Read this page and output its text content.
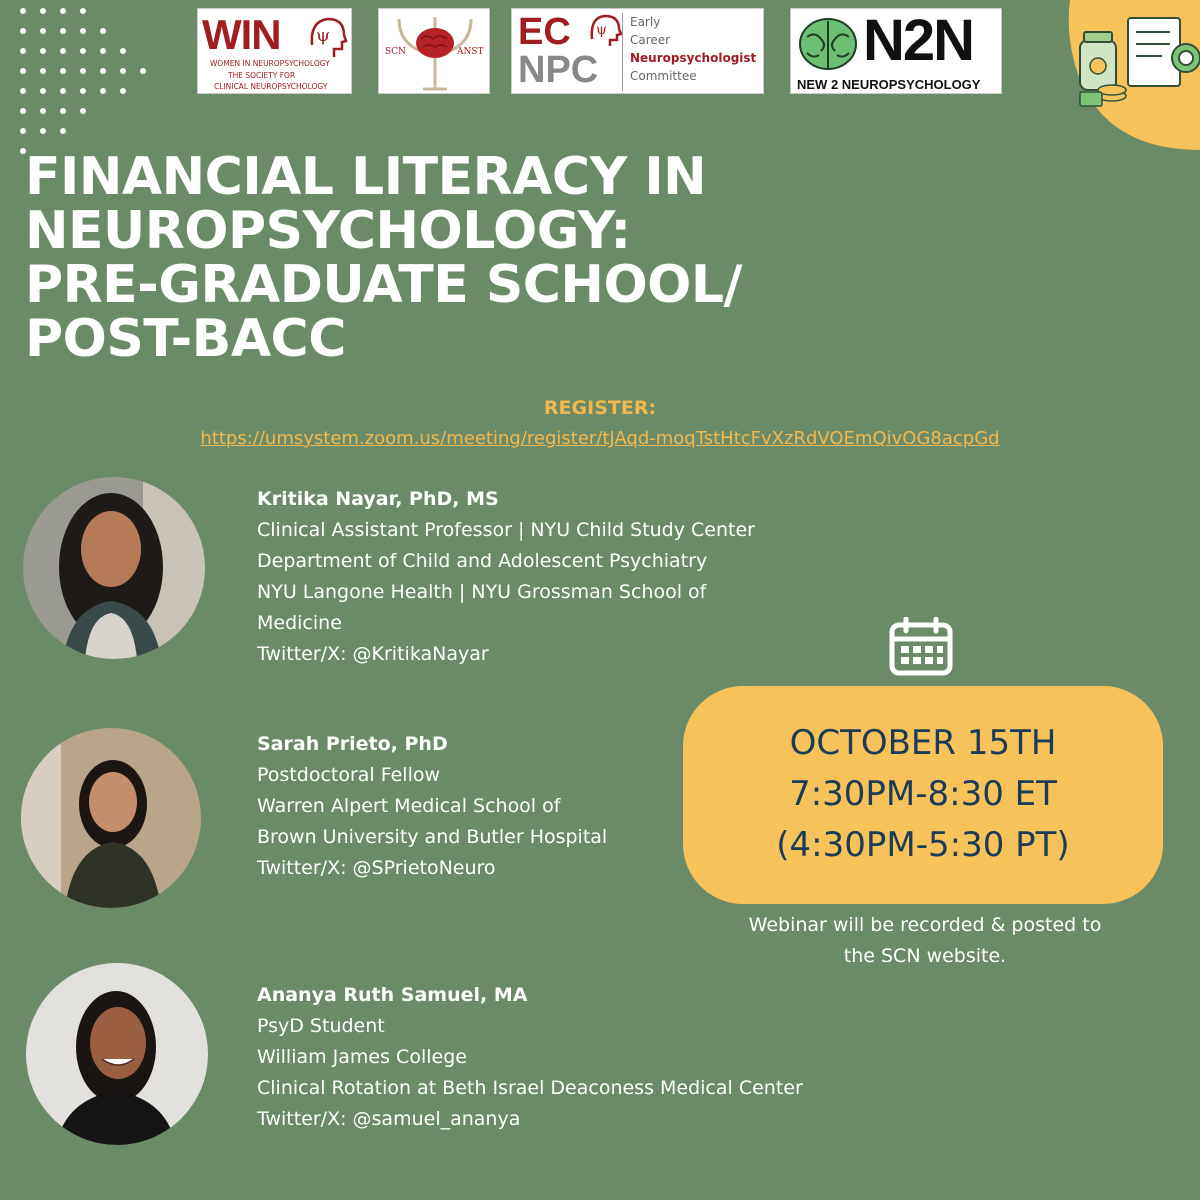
WIN ψ
WOMEN IN NEUROPSYCHOLOGY
THE SOCIETY FOR
CLINICAL NEUROPSYCHOLOGY
SCN	ANST EC ψ
NPC
Early
Career
Neuropsychologist
Committee
N2N
NEW 2 NEUROPSYCHOLOGY
FINANCIAL LITERACY IN
NEUROPSYCHOLOGY:
PRE-GRADUATE SCHOOL/
POST-BACC
REGISTER:
https://umsystem.zoom.us/meeting/register/tJAqd-moqTstHtcFvXzRdVOEmQivOG8acpGd
Kritika Nayar, PhD, MS
Clinical Assistant Professor | NYU Child Study Center
Department of Child and Adolescent Psychiatry
NYU Langone Health | NYU Grossman School of
Medicine
Twitter/X: @KritikaNayar
Sarah Prieto, PhD
Postdoctoral Fellow
Warren Alpert Medical School of
Brown University and Butler Hospital
Twitter/X: @SPrietoNeuro
Ananya Ruth Samuel, MA
PsyD Student
William James College
Clinical Rotation at Beth Israel Deaconess Medical Center
Twitter/X: @samuel_ananya
OCTOBER 15TH
7:30PM-8:30 ET
(4:30PM-5:30 PT)
Webinar will be recorded & posted to
the SCN website.
